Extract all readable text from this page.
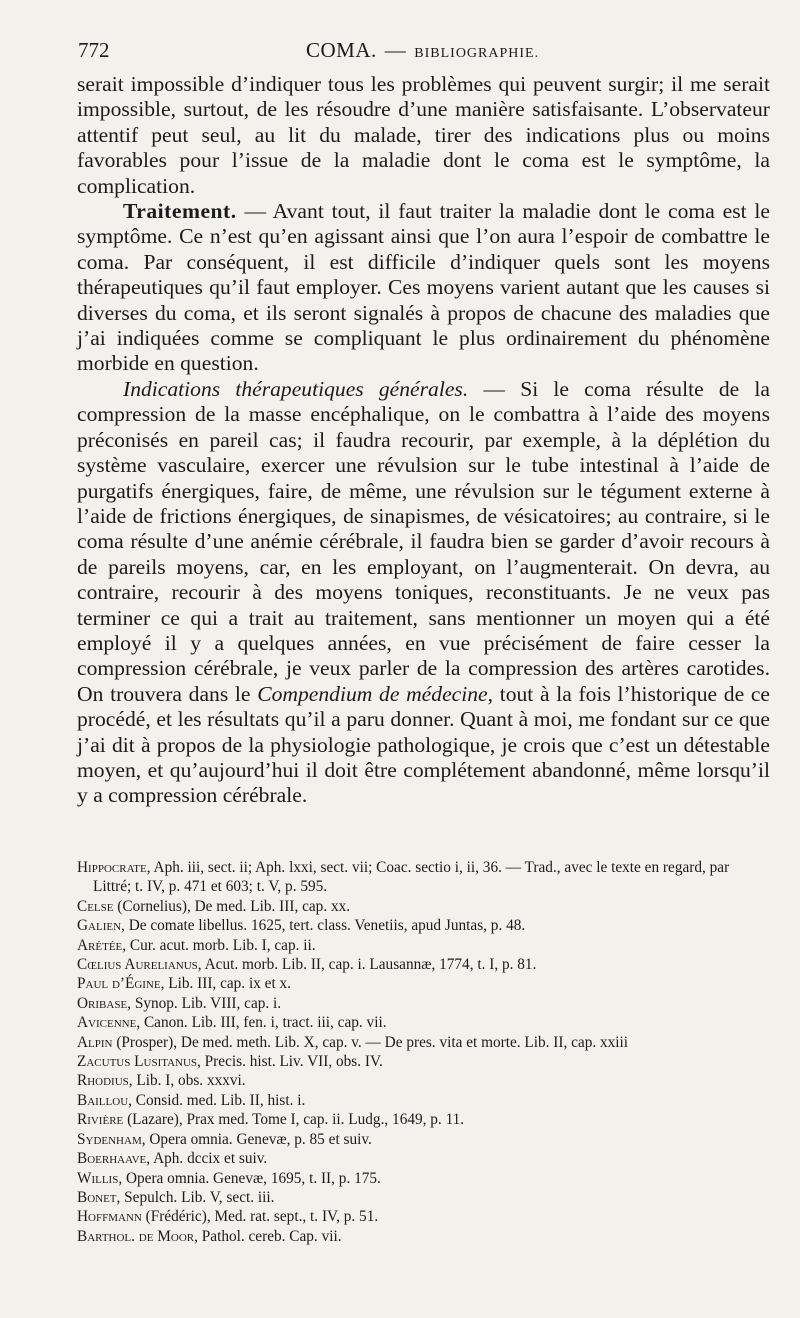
772	COMA. — BIBLIOGRAPHIE.

serait impossible d’indiquer tous les problèmes qui peuvent surgir; il me serait impossible, surtout, de les résoudre d’une manière satisfaisante. L’observateur attentif peut seul, au lit du malade, tirer des indications plus ou moins favorables pour l’issue de la maladie dont le coma est le symptôme, la complication.

Traitement. — Avant tout, il faut traiter la maladie dont le coma est le symptôme. Ce n’est qu’en agissant ainsi que l’on aura l’espoir de combattre le coma. Par conséquent, il est difficile d’indiquer quels sont les moyens thérapeutiques qu’il faut employer. Ces moyens varient autant que les causes si diverses du coma, et ils seront signalés à propos de chacune des maladies que j’ai indiquées comme se compliquant le plus ordinairement du phénomène morbide en question.

Indications thérapeutiques générales. — Si le coma résulte de la compression de la masse encéphalique, on le combattra à l’aide des moyens préconisés en pareil cas; il faudra recourir, par exemple, à la déplétion du système vasculaire, exercer une révulsion sur le tube intestinal à l’aide de purgatifs énergiques, faire, de même, une révulsion sur le tégument externe à l’aide de frictions énergiques, de sinapismes, de vésicatoires; au contraire, si le coma résulte d’une anémie cérébrale, il faudra bien se garder d’avoir recours à de pareils moyens, car, en les employant, on l’augmenterait. On devra, au contraire, recourir à des moyens toniques, reconstituants. Je ne veux pas terminer ce qui a trait au traitement, sans mentionner un moyen qui a été employé il y a quelques années, en vue précisément de faire cesser la compression cérébrale, je veux parler de la compression des artères carotides. On trouvera dans le Compendium de médecine, tout à la fois l’historique de ce procédé, et les résultats qu’il a paru donner. Quant à moi, me fondant sur ce que j’ai dit à propos de la physiologie pathologique, je crois que c’est un détestable moyen, et qu’aujourd’hui il doit être complétement abandonné, même lorsqu’il y a compression cérébrale.

Hippocrate, Aph. iii, sect. ii; Aph. lxxi, sect. vii; Coac. sectio i, ii, 36. — Trad., avec le texte en regard, par Littré; t. IV, p. 471 et 603; t. V, p. 595.

Celse (Cornelius), De med. Lib. III, cap. xx.

Galien, De comate libellus. 1625, tert. class. Venetiis, apud Juntas, p. 48.

Arétée, Cur. acut. morb. Lib. I, cap. ii.

Cœlius Aurelianus, Acut. morb. Lib. II, cap. i. Lausannæ, 1774, t. I, p. 81.

Paul d’Égine, Lib. III, cap. ix et x.

Oribase, Synop. Lib. VIII, cap. i.

Avicenne, Canon. Lib. III, fen. i, tract. iii, cap. vii.

Alpin (Prosper), De med. meth. Lib. X, cap. v. — De pres. vita et morte. Lib. II, cap. xxiii

Zacutus Lusitanus, Precis. hist. Liv. VII, obs. IV.

Rhodius, Lib. I, obs. xxxvi.

Baillou, Consid. med. Lib. II, hist. i.

Rivière (Lazare), Prax med. Tome I, cap. ii. Ludg., 1649, p. 11.

Sydenham, Opera omnia. Genevæ, p. 85 et suiv.

Boerhaave, Aph. dccix et suiv.

Willis, Opera omnia. Genevæ, 1695, t. II, p. 175.

Bonet, Sepulch. Lib. V, sect. iii.

Hoffmann (Frédéric), Med. rat. sept., t. IV, p. 51.

Barthol. de Moor, Pathol. cereb. Cap. vii.
